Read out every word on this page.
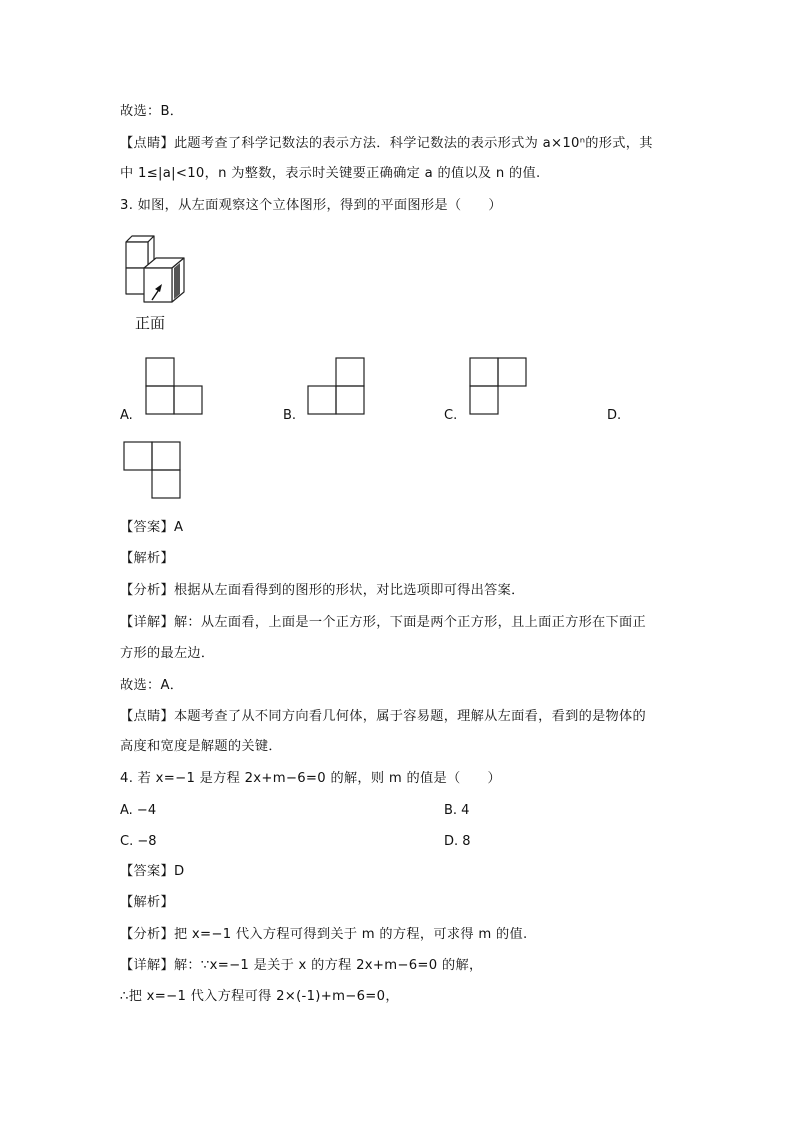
故选：B．
【点睛】此题考查了科学记数法的表示方法．科学记数法的表示形式为 a×10ⁿ的形式，其
中 1≤|a|<10，n 为整数，表示时关键要正确确定 a 的值以及 n 的值.
3. 如图，从左面观察这个立体图形，得到的平面图形是（　　）
正面
A.	B.	C.	D.
【答案】A
【解析】
【分析】根据从左面看得到的图形的形状，对比选项即可得出答案．
【详解】解：从左面看，上面是一个正方形，下面是两个正方形，且上面正方形在下面正
方形的最左边．
故选：A．
【点睛】本题考查了从不同方向看几何体，属于容易题，理解从左面看，看到的是物体的
高度和宽度是解题的关键．
4. 若 x=−1 是方程 2x+m−6=0 的解，则 m 的值是（　　）
A. −4	B. 4
C. −8	D. 8
【答案】D
【解析】
【分析】把 x=−1 代入方程可得到关于 m 的方程，可求得 m 的值.
【详解】解：∵x=−1 是关于 x 的方程 2x+m−6=0 的解，
∴把 x=−1 代入方程可得 2×(-1)+m−6=0，
